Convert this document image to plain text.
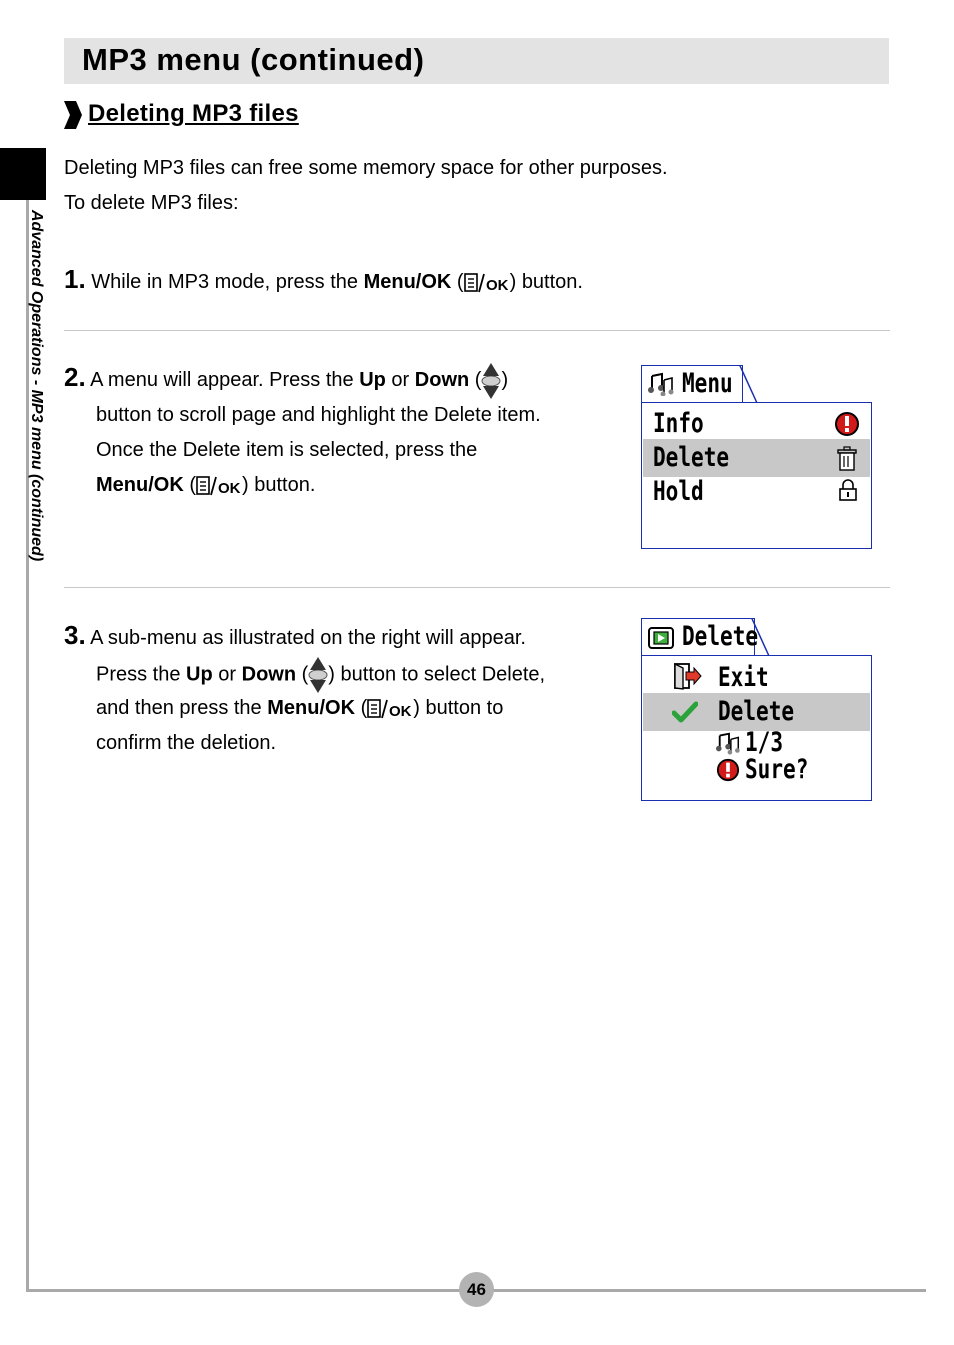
MP3 menu (continued)
Deleting MP3 files
Advanced Operations - MP3 menu (continued)
Deleting MP3 files can free some memory space for other purposes.
To delete MP3 files:
1. While in MP3 mode, press the Menu/OK ( OK ) button.
2. A menu will appear. Press the Up or Down ( )
button to scroll page and highlight the Delete item.
Once the Delete item is selected, press the
Menu/OK ( OK ) button.
Menu
Info
Delete
Hold
3. A sub-menu as illustrated on the right will appear.
Press the Up or Down ( ) button to select Delete,
and then press the Menu/OK ( OK ) button to
confirm the deletion.
Delete
Exit
Delete
1/3
Sure?
46
